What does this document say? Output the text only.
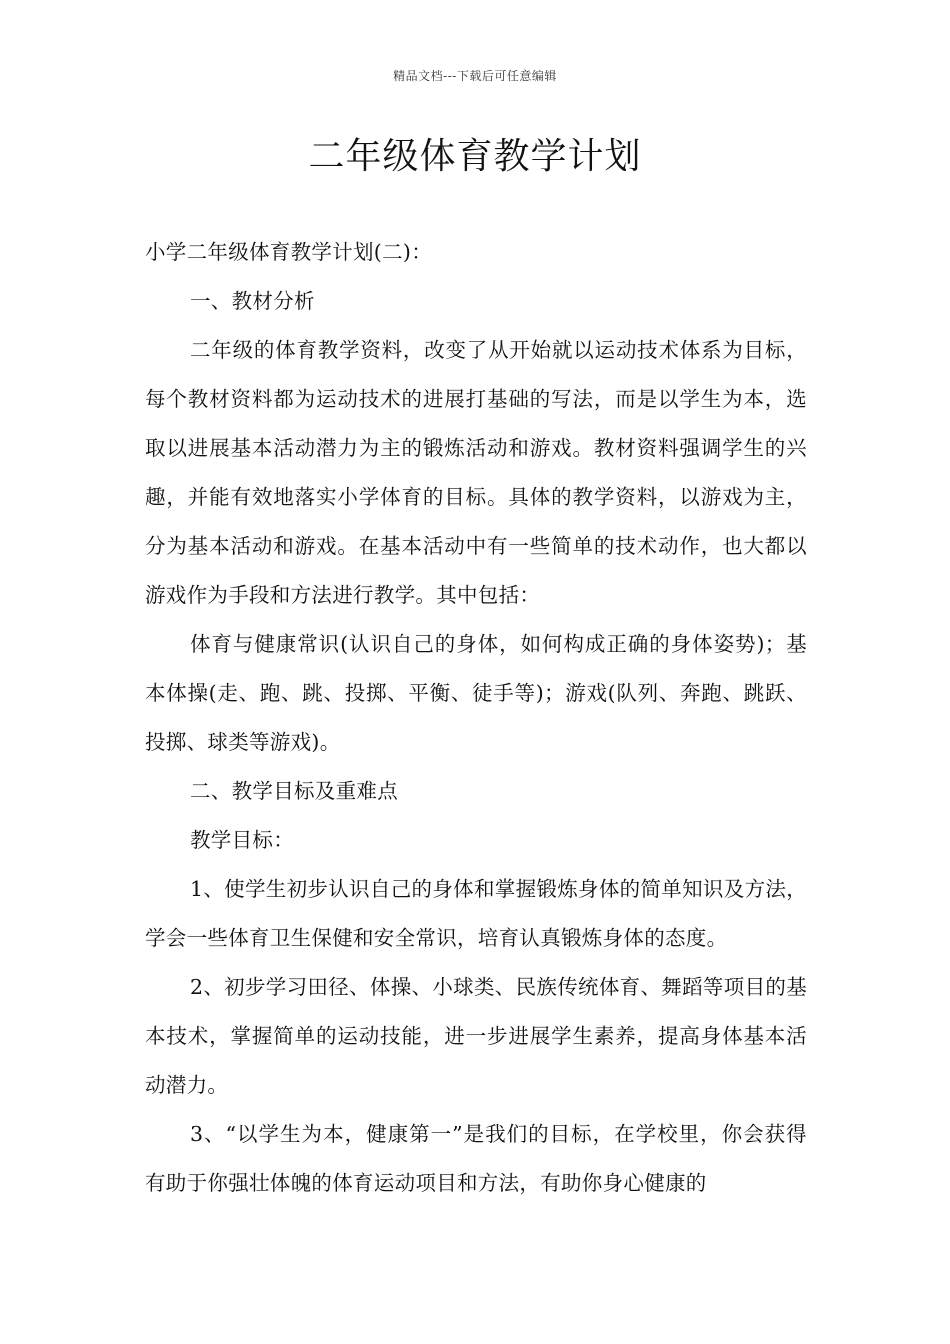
精品文档---下载后可任意编辑
二年级体育教学计划

小学二年级体育教学计划(二)：

一、教材分析

二年级的体育教学资料，改变了从开始就以运动技术体系为目标，每个教材资料都为运动技术的进展打基础的写法，而是以学生为本，选取以进展基本活动潜力为主的锻炼活动和游戏。教材资料强调学生的兴趣，并能有效地落实小学体育的目标。具体的教学资料，以游戏为主，分为基本活动和游戏。在基本活动中有一些简单的技术动作，也大都以游戏作为手段和方法进行教学。其中包括：

体育与健康常识(认识自己的身体，如何构成正确的身体姿势)；基本体操(走、跑、跳、投掷、平衡、徒手等)；游戏(队列、奔跑、跳跃、投掷、球类等游戏)。

二、教学目标及重难点

教学目标：

1、使学生初步认识自己的身体和掌握锻炼身体的简单知识及方法，学会一些体育卫生保健和安全常识，培育认真锻炼身体的态度。

2、初步学习田径、体操、小球类、民族传统体育、舞蹈等项目的基本技术，掌握简单的运动技能，进一步进展学生素养，提高身体基本活动潜力。

3、“以学生为本，健康第一”是我们的目标，在学校里，你会获得有助于你强壮体魄的体育运动项目和方法，有助你身心健康的
